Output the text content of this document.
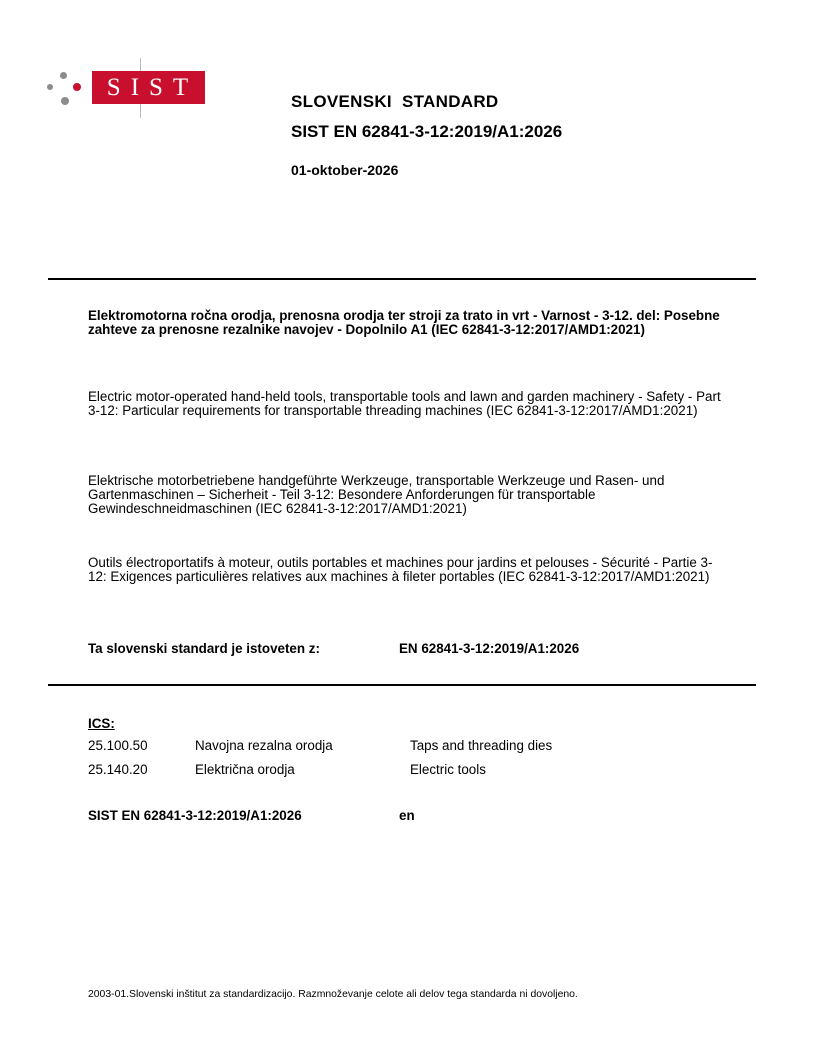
SIST
SLOVENSKI  STANDARD
SIST EN 62841-3-12:2019/A1:2026
01-oktober-2026
Elektromotorna ročna orodja, prenosna orodja ter stroji za trato in vrt - Varnost - 3-12. del: Posebne zahteve za prenosne rezalnike navojev - Dopolnilo A1 (IEC 62841-3-12:2017/AMD1:2021)
Electric motor-operated hand-held tools, transportable tools and lawn and garden machinery - Safety - Part 3-12: Particular requirements for transportable threading machines (IEC 62841-3-12:2017/AMD1:2021)
Elektrische motorbetriebene handgeführte Werkzeuge, transportable Werkzeuge und Rasen- und Gartenmaschinen – Sicherheit - Teil 3-12: Besondere Anforderungen für transportable Gewindeschneidmaschinen (IEC 62841-3-12:2017/AMD1:2021)
Outils électroportatifs à moteur, outils portables et machines pour jardins et pelouses - Sécurité - Partie 3-12: Exigences particulières relatives aux machines à fileter portables (IEC 62841-3-12:2017/AMD1:2021)
Ta slovenski standard je istoveten z:	EN 62841-3-12:2019/A1:2026
ICS:
25.100.50	Navojna rezalna orodja	Taps and threading dies
25.140.20	Električna orodja	Electric tools
SIST EN 62841-3-12:2019/A1:2026	en
2003-01.Slovenski inštitut za standardizacijo. Razmnoževanje celote ali delov tega standarda ni dovoljeno.
